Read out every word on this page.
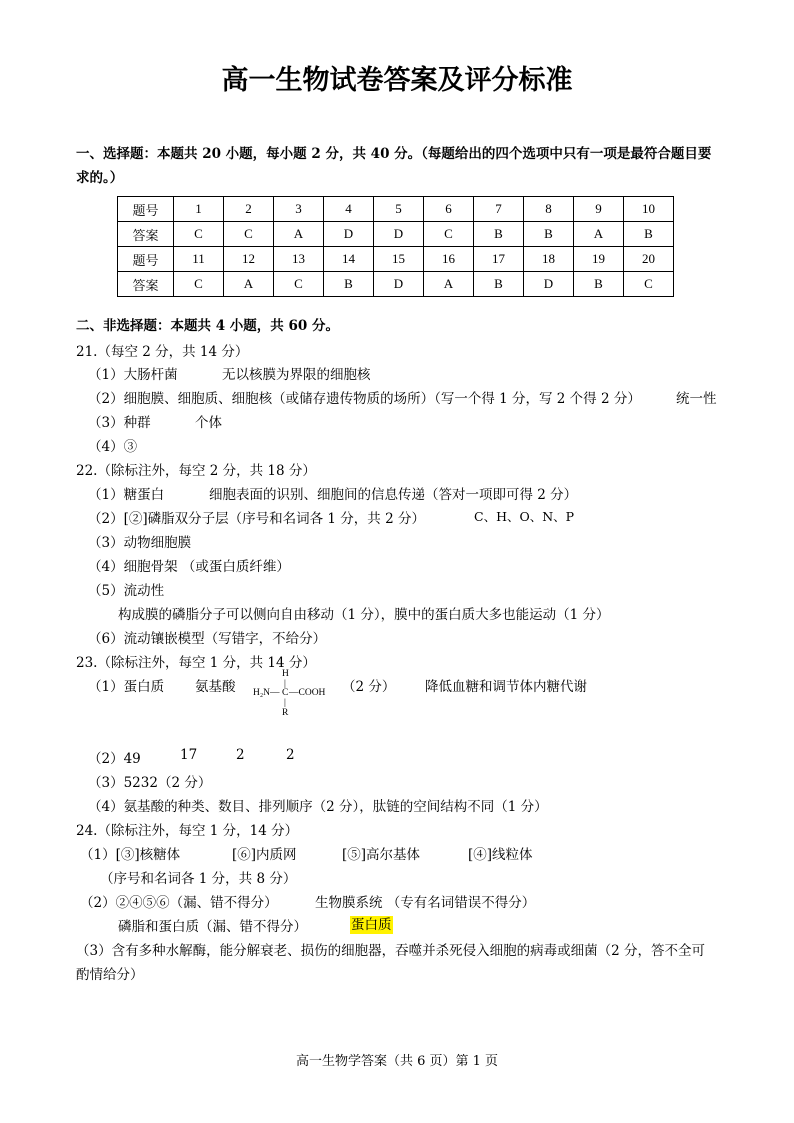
高一生物试卷答案及评分标准
一、选择题：本题共 20 小题，每小题 2 分，共 40 分。（每题给出的四个选项中只有一项是最符合题目要
求的。）
题号	1	2	3	4	5	6	7	8	9	10
答案	C	C	A	D	D	C	B	B	A	B
题号	11	12	13	14	15	16	17	18	19	20
答案	C	A	C	B	D	A	B	D	B	C
二、非选择题：本题共 4 小题，共 60 分。
21.（每空 2 分，共 14 分）
（1）大肠杆菌	无以核膜为界限的细胞核
（2）细胞膜、细胞质、细胞核（或储存遗传物质的场所）（写一个得 1 分，写 2 个得 2 分）	统一性
（3）种群	个体
（4）③
22.（除标注外，每空 2 分，共 18 分）
（1）糖蛋白	细胞表面的识别、细胞间的信息传递（答对一项即可得 2 分）
（2）[②]磷脂双分子层（序号和名词各 1 分，共 2 分）	C、H、O、N、P
（3）动物细胞膜
（4）细胞骨架 （或蛋白质纤维）
（5）流动性
构成膜的磷脂分子可以侧向自由移动（1 分），膜中的蛋白质大多也能运动（1 分）
（6）流动镶嵌模型（写错字，不给分）
23.（除标注外，每空 1 分，共 14 分）
（1）蛋白质 氨基酸
H
|
H₂N— C —COOH
|
R
（2 分） 降低血糖和调节体内糖代谢
（2）49	17	2	2
（3）5232（2 分）
（4）氨基酸的种类、数目、排列顺序（2 分），肽链的空间结构不同（1 分）
24.（除标注外，每空 1 分，14 分）
（1）[③]核糖体	[⑥]内质网	[⑤]高尔基体	[④]线粒体
（序号和名词各 1 分，共 8 分）
（2）②④⑤⑥（漏、错不得分）	生物膜系统 （专有名词错误不得分）
磷脂和蛋白质（漏、错不得分）	蛋白质
（3）含有多种水解酶，能分解衰老、损伤的细胞器，吞噬并杀死侵入细胞的病毒或细菌（2 分，答不全可
酌情给分）
高一生物学答案（共 6 页）第 1 页
